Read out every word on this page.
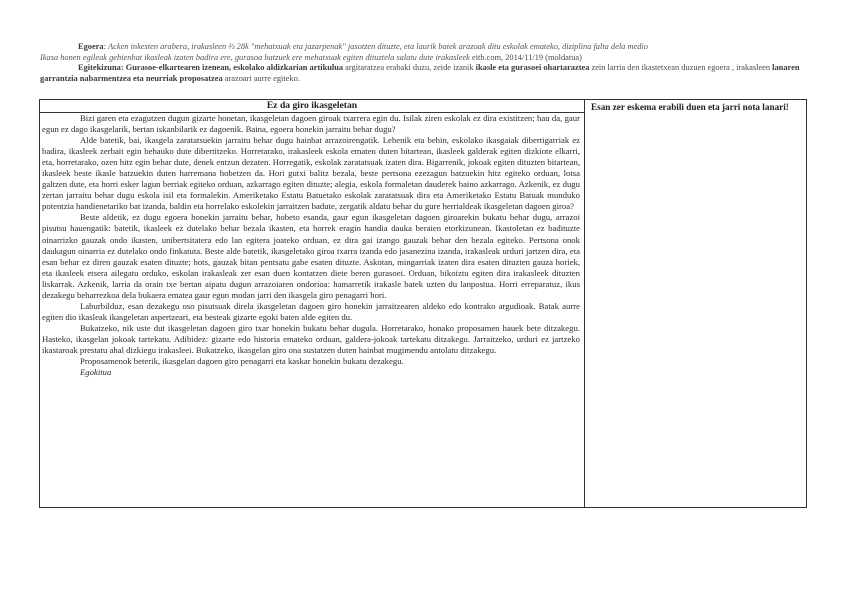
Egoera: Acken inkesten arabera, irakasleen ⅔ 28k "mehatxuak eta jazarpenak" jasotzen dituzte, eta laurik batek arazoak ditu eskolak emateko, diziplina falta dela medio

Ikasa honen egileak gehienbat ikasleak izaten badira ere, gurasoa batzuek ere mehatxuak egiten dituztela salatu dute irakasleek eitb.com, 2014/11/19 (moldatua)

Egitekizuna: Gurasoe-elkartearen izenean, eskolako aldizkarian artikulua argitaratzea erabaki duzu, zeide izanik ikasle eta gurasoei ohartaraztea zein larria den ikastetxean duzuen egoera , irakasleen lanaren garrantzia nabarmentzea eta neurriak proposatzea arazoari aurre egiteko.

Ez da giro ikasgeletan

Bizi garen eta ezagutzen dugun gizarte honetan, ikasgeletan dagoen giroak txarrera egin du. Isilak ziren eskolak ez dira existitzen; hau da, gaur egun ez dago ikasgelarik, bertan iskanbilarik ez dagoenik. Baina, egoera honekin jarraitu behar dugu?

Alde batetik, bai, ikasgela zaratatsuekin jarraitu behar dugu hainbat arrazoirengatik. Lehenik eta behin, eskolako ikasgaiak dibertigarriak ez badira, ikasleek zerbait egin behauko dute dibertitzeko. Horretarako, irakasleek eskola ematen duten bitartean, ikasleek galderak egiten dizkiote elkarri, eta, horretarako, ozen hitz egin behar dute, denek entzun dezaten. Horregatik, eskolak zaratatsuak izaten dira. Bigarrenik, jokoak egiten dituzten bitartean, ikasleek beste ikasle batzuekin duten harremana hobetzen da. Hori gutxi balitz bezala, beste pertsona ezezagun batzuekin hitz egiteko orduan, lotsa galtzen dute, eta horri esker lagun berriak egiteko orduan, azkarrago egiten dituzte; alegia, eskola formaletan dauderek baino azkarrago. Azkenik, ez dugu zertan jarraitu behar dugu eskola isil eta formalekin. Ameriketako Estatu Batuetako eskolak zaratatsuak dira eta Ameriketako Estatu Batuak munduko potentzia handienetariko bat izanda, baldin eta horrelako eskolekin jarraitzen badute, zergatik aldatu behar du gure herrialdeak ikasgeletan dagoen giroa?

Beste aldetik, ez dugu egoera honekin jarraitu behar, hobeto esanda, gaur egun ikasgeletan dagoen giroarekin bukatu behar dugu, arrazoi pisutsu hauengatik: batetik, ikasleek ez dutelako behar bezala ikasten, eta horrek eragin handia dauka beraien etorkizunean. Ikastoletan ez badituzte oinarrizko gauzak ondo ikasten, unibertsitatera edo lan egitera joateko orduan, ez dira gai izango gauzak behar den bezala egiteko. Pertsona onok daukagun oinarria ez dutelako ondo finkatuta. Beste alde batetik, ikasgeletako giroa txarra izanda edo jasanezina izanda, irakasleak urduri jartzen dira, eta esan behar ez diren gauzak esaten dituzte; hots, gauzak bitan pentsatu gabe esaten dituzte. Askotan, mingarriak izaten dira esaten dituzten gauza horiek, eta ikasleek etsera ailegatu orduko, eskolan irakasleak zer esan duen kontatzen diete beren gurasoei. Orduan, bikoiztu egiten dira irakasleek dituzten liskarrak. Azkenik, larria da orain txe bertan aipatu dugun arrazoiaren ondorioa: hamarretik irakasle batek uzten du lanpostua. Horri erreparatuz, ikus dezakegu beharrezkoa dela bukaera ematea gaur egun modan jarri den ikasgela giro penagarri hori.

Laburbilduz, esan dezakegu oso pisutsuak direla ikasgeletan dagoen giro honekin jarraitzearen aldeko edo kontrako argudioak. Batak aurre egiten dio ikasleak ikasgeletan aspertzeari, eta besteak gizarte egoki baten alde egiten du.

Bukatzeko, nik uste dut ikasgeletan dagoen giro txar honekin bukatu behar dugula. Horretarako, honako proposamen hauek bete ditzakegu. Hasteko, ikasgelan jokoak tartekatu. Adibidez: gizarte edo historia emateko orduan, galdera-jokoak tartekatu ditzakegu. Jarraitzeko, urduri ez jartzeko ikastaroak prestatu ahal dizkiegu irakasleei. Bukatzeko, ikasgelan giro ona sustatzen duten hainbat mugimendu antolatu ditzakegu.

Proposamenok beterik, ikasgelan dagoen giro penagarri eta kaskar honekin bukatu dezakegu.

Egokitua

Esan zer eskema erabili duen eta jarri nota lanari!
